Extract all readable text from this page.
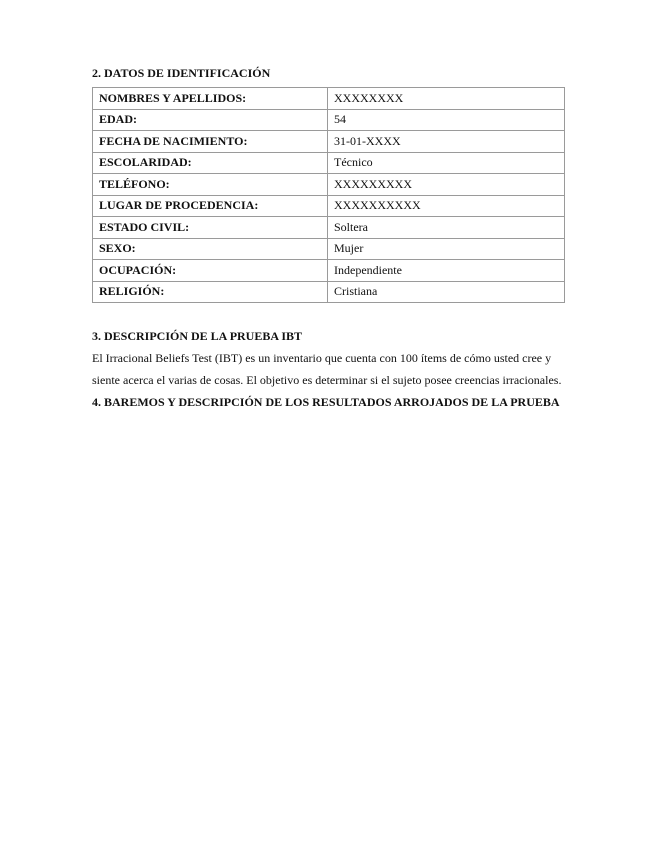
2. DATOS DE IDENTIFICACIÓN

NOMBRES Y APELLIDOS:	XXXXXXXX
EDAD:	54
FECHA DE NACIMIENTO:	31-01-XXXX
ESCOLARIDAD:	Técnico
TELÉFONO:	XXXXXXXXX
LUGAR DE PROCEDENCIA:	XXXXXXXXXX
ESTADO CIVIL:	Soltera
SEXO:	Mujer
OCUPACIÓN:	Independiente
RELIGIÓN:	Cristiana

3. DESCRIPCIÓN DE LA PRUEBA IBT

El Irracional Beliefs Test (IBT) es un inventario que cuenta con 100 ítems de cómo usted cree y siente acerca el varias de cosas. El objetivo es determinar si el sujeto posee creencias irracionales.

4. BAREMOS Y DESCRIPCIÓN DE LOS RESULTADOS ARROJADOS DE LA PRUEBA
